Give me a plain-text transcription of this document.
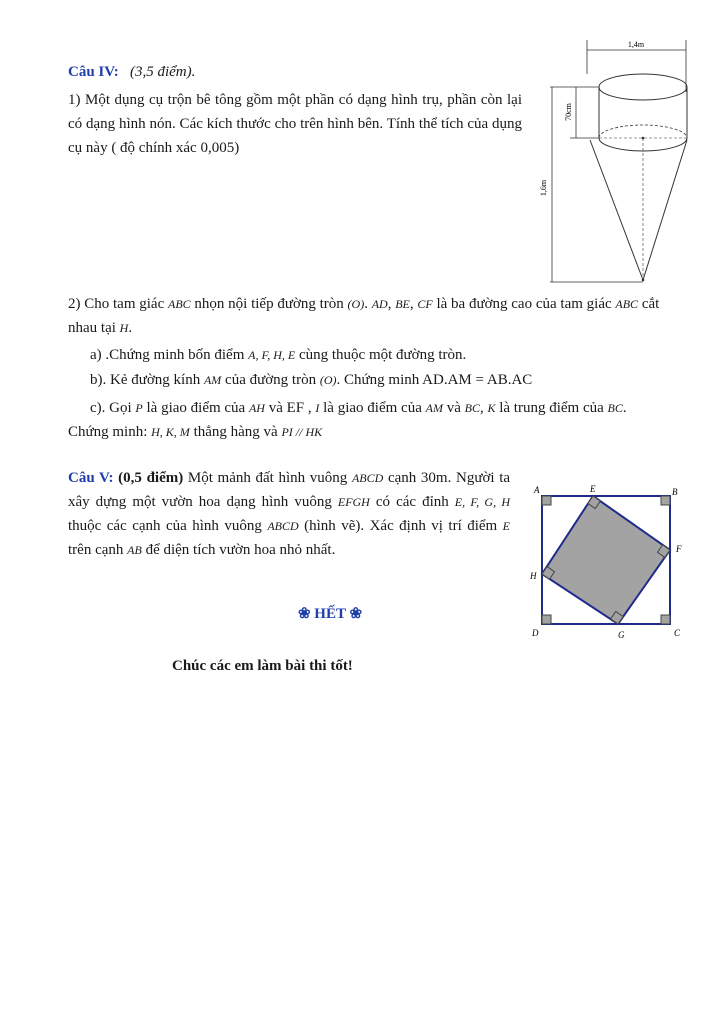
Câu IV: (3,5 điểm).
1) Một dụng cụ trộn bê tông gồm một phần có dạng hình trụ, phần còn lại có dạng hình nón. Các kích thước cho trên hình bên. Tính thể tích của dụng cụ này ( độ chính xác 0,005)
1,4m
70cm
1,6m
2) Cho tam giác ABC nhọn nội tiếp đường tròn (O). AD, BE, CF là ba đường cao của tam giác ABC cắt nhau tại H.
a) .Chứng minh bốn điểm A, F, H, E cùng thuộc một đường tròn.
b). Kẻ đường kính AM của đường tròn (O). Chứng minh AD.AM = AB.AC
c). Gọi P là giao điểm của AH và EF , I là giao điểm của AM và BC, K là trung điểm của BC. Chứng minh: H, K, M thẳng hàng và PI // HK
Câu V: (0,5 điểm) Một mảnh đất hình vuông ABCD cạnh 30m. Người ta xây dựng một vườn hoa dạng hình vuông EFGH có các đỉnh E, F, G, H thuộc các cạnh của hình vuông ABCD (hình vẽ). Xác định vị trí điểm E trên cạnh AB để diện tích vườn hoa nhỏ nhất.
A	B
C
D
E
F
G
H
❀ HẾT ❀
Chúc các em làm bài thi tốt!
